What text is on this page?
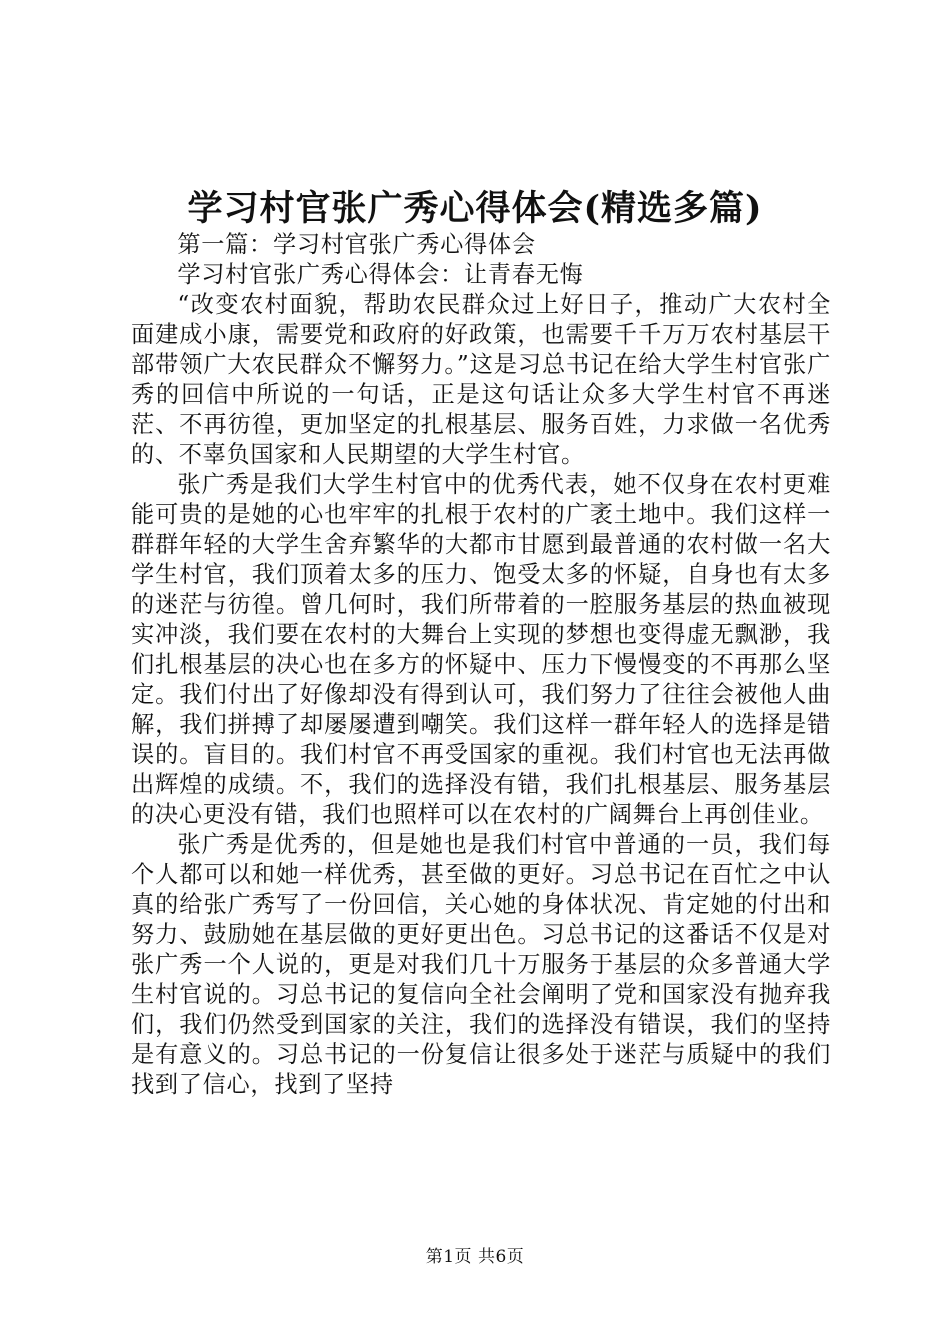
学习村官张广秀心得体会(精选多篇)

第一篇：学习村官张广秀心得体会

学习村官张广秀心得体会：让青春无悔

“改变农村面貌，帮助农民群众过上好日子，推动广大农村全面建成小康，需要党和政府的好政策，也需要千千万万农村基层干部带领广大农民群众不懈努力。”这是习总书记在给大学生村官张广秀的回信中所说的一句话，正是这句话让众多大学生村官不再迷茫、不再彷徨，更加坚定的扎根基层、服务百姓，力求做一名优秀的、不辜负国家和人民期望的大学生村官。

张广秀是我们大学生村官中的优秀代表，她不仅身在农村更难能可贵的是她的心也牢牢的扎根于农村的广袤土地中。我们这样一群群年轻的大学生舍弃繁华的大都市甘愿到最普通的农村做一名大学生村官，我们顶着太多的压力、饱受太多的怀疑，自身也有太多的迷茫与彷徨。曾几何时，我们所带着的一腔服务基层的热血被现实冲淡，我们要在农村的大舞台上实现的梦想也变得虚无飘渺，我们扎根基层的决心也在多方的怀疑中、压力下慢慢变的不再那么坚定。我们付出了好像却没有得到认可，我们努力了往往会被他人曲解，我们拼搏了却屡屡遭到嘲笑。我们这样一群年轻人的选择是错误的。盲目的。我们村官不再受国家的重视。我们村官也无法再做出辉煌的成绩。不，我们的选择没有错，我们扎根基层、服务基层的决心更没有错，我们也照样可以在农村的广阔舞台上再创佳业。

张广秀是优秀的，但是她也是我们村官中普通的一员，我们每个人都可以和她一样优秀，甚至做的更好。习总书记在百忙之中认真的给张广秀写了一份回信，关心她的身体状况、肯定她的付出和努力、鼓励她在基层做的更好更出色。习总书记的这番话不仅是对张广秀一个人说的，更是对我们几十万服务于基层的众多普通大学生村官说的。习总书记的复信向全社会阐明了党和国家没有抛弃我们，我们仍然受到国家的关注，我们的选择没有错误，我们的坚持是有意义的。习总书记的一份复信让很多处于迷茫与质疑中的我们找到了信心，找到了坚持

第1页 共6页
